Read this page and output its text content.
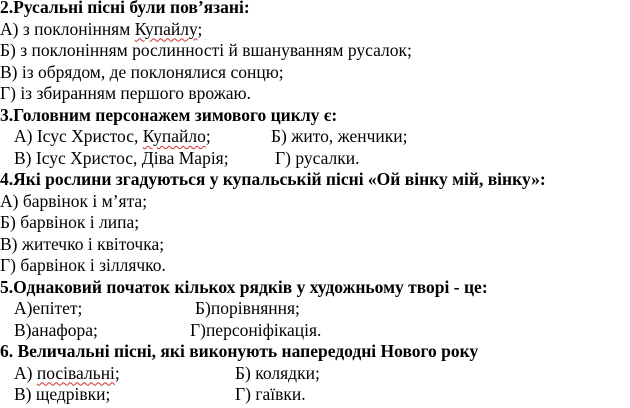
2.Русальні пісні були пов’язані:
А) з поклонінням Купайлу;
Б) з поклонінням рослинності й вшануванням русалок;
В) із обрядом, де поклонялися сонцю;
Г) із збиранням першого врожаю.
3.Головним персонажем зимового циклу є:
А) Ісус Христос, Купайло;	Б) жито, женчики;
В) Ісус Христос, Діва Марія;	Г) русалки.
4.Які рослини згадуються у купальській пісні «Ой вінку мій, вінку»:
А) барвінок і м’ята;
Б) барвінок і липа;
В) житечко і квіточка;
Г) барвінок і зіллячко.
5.Однаковий початок кількох рядків у художньому творі - це:
А)епітет;	Б)порівняння;
В)анафора;	Г)персоніфікація.
6. Величальні пісні, які виконують напередодні Нового року
А) посівальні;	Б) колядки;
В) щедрівки;	Г) гаївки.
